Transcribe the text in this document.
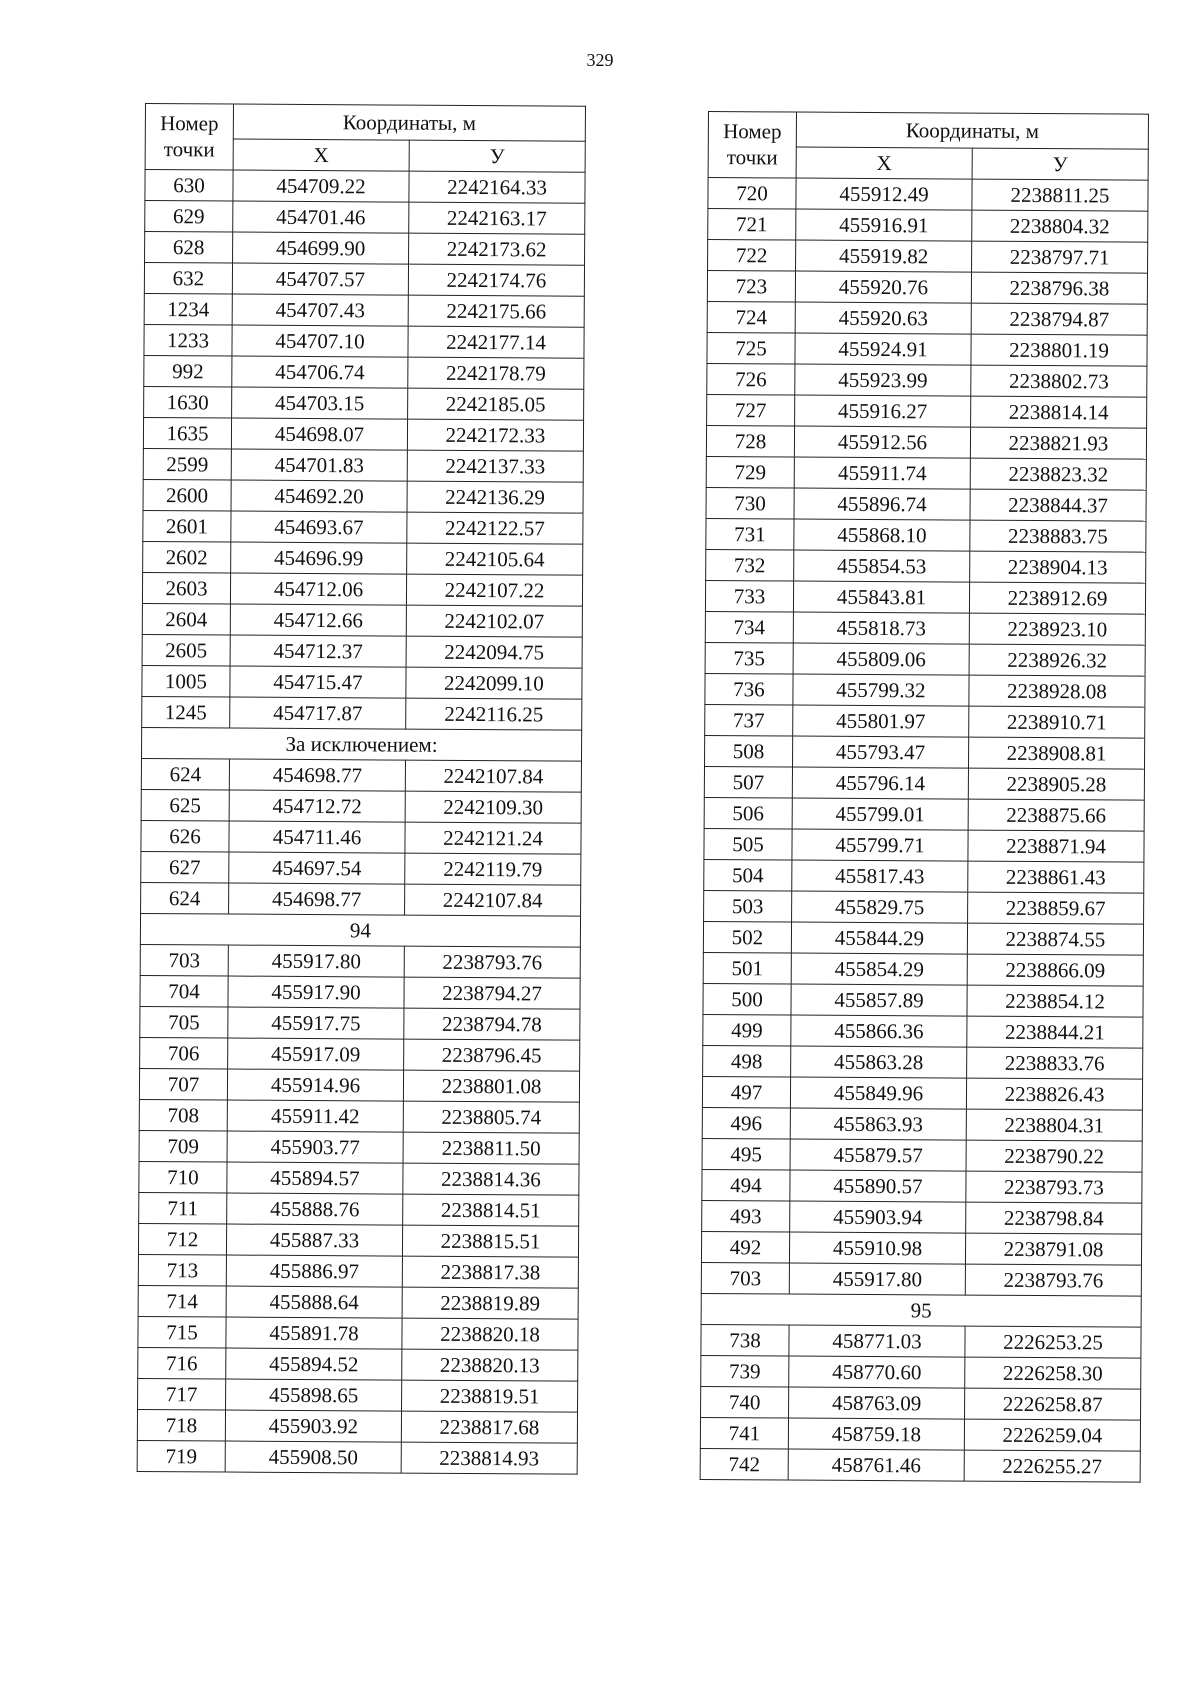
329
Номер
точки	Координаты, м	
	X	У
630	454709.22	2242164.33
629	454701.46	2242163.17
628	454699.90	2242173.62
632	454707.57	2242174.76
1234	454707.43	2242175.66
1233	454707.10	2242177.14
992	454706.74	2242178.79
1630	454703.15	2242185.05
1635	454698.07	2242172.33
2599	454701.83	2242137.33
2600	454692.20	2242136.29
2601	454693.67	2242122.57
2602	454696.99	2242105.64
2603	454712.06	2242107.22
2604	454712.66	2242102.07
2605	454712.37	2242094.75
1005	454715.47	2242099.10
1245	454717.87	2242116.25
За исключением:		
624	454698.77	2242107.84
625	454712.72	2242109.30
626	454711.46	2242121.24
627	454697.54	2242119.79
624	454698.77	2242107.84
94		
703	455917.80	2238793.76
704	455917.90	2238794.27
705	455917.75	2238794.78
706	455917.09	2238796.45
707	455914.96	2238801.08
708	455911.42	2238805.74
709	455903.77	2238811.50
710	455894.57	2238814.36
711	455888.76	2238814.51
712	455887.33	2238815.51
713	455886.97	2238817.38
714	455888.64	2238819.89
715	455891.78	2238820.18
716	455894.52	2238820.13
717	455898.65	2238819.51
718	455903.92	2238817.68
719	455908.50	2238814.93
Номер
точки	Координаты, м	
	X	У
720	455912.49	2238811.25
721	455916.91	2238804.32
722	455919.82	2238797.71
723	455920.76	2238796.38
724	455920.63	2238794.87
725	455924.91	2238801.19
726	455923.99	2238802.73
727	455916.27	2238814.14
728	455912.56	2238821.93
729	455911.74	2238823.32
730	455896.74	2238844.37
731	455868.10	2238883.75
732	455854.53	2238904.13
733	455843.81	2238912.69
734	455818.73	2238923.10
735	455809.06	2238926.32
736	455799.32	2238928.08
737	455801.97	2238910.71
508	455793.47	2238908.81
507	455796.14	2238905.28
506	455799.01	2238875.66
505	455799.71	2238871.94
504	455817.43	2238861.43
503	455829.75	2238859.67
502	455844.29	2238874.55
501	455854.29	2238866.09
500	455857.89	2238854.12
499	455866.36	2238844.21
498	455863.28	2238833.76
497	455849.96	2238826.43
496	455863.93	2238804.31
495	455879.57	2238790.22
494	455890.57	2238793.73
493	455903.94	2238798.84
492	455910.98	2238791.08
703	455917.80	2238793.76
95		
738	458771.03	2226253.25
739	458770.60	2226258.30
740	458763.09	2226258.87
741	458759.18	2226259.04
742	458761.46	2226255.27
